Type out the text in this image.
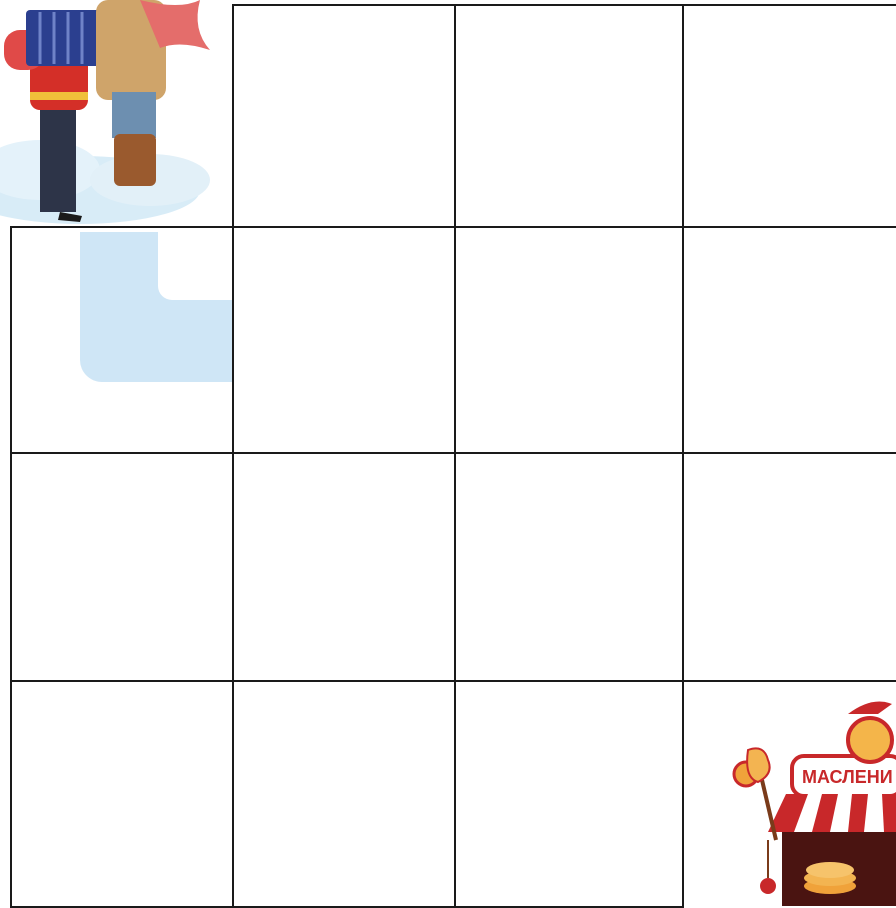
МАСЛЕНИ
